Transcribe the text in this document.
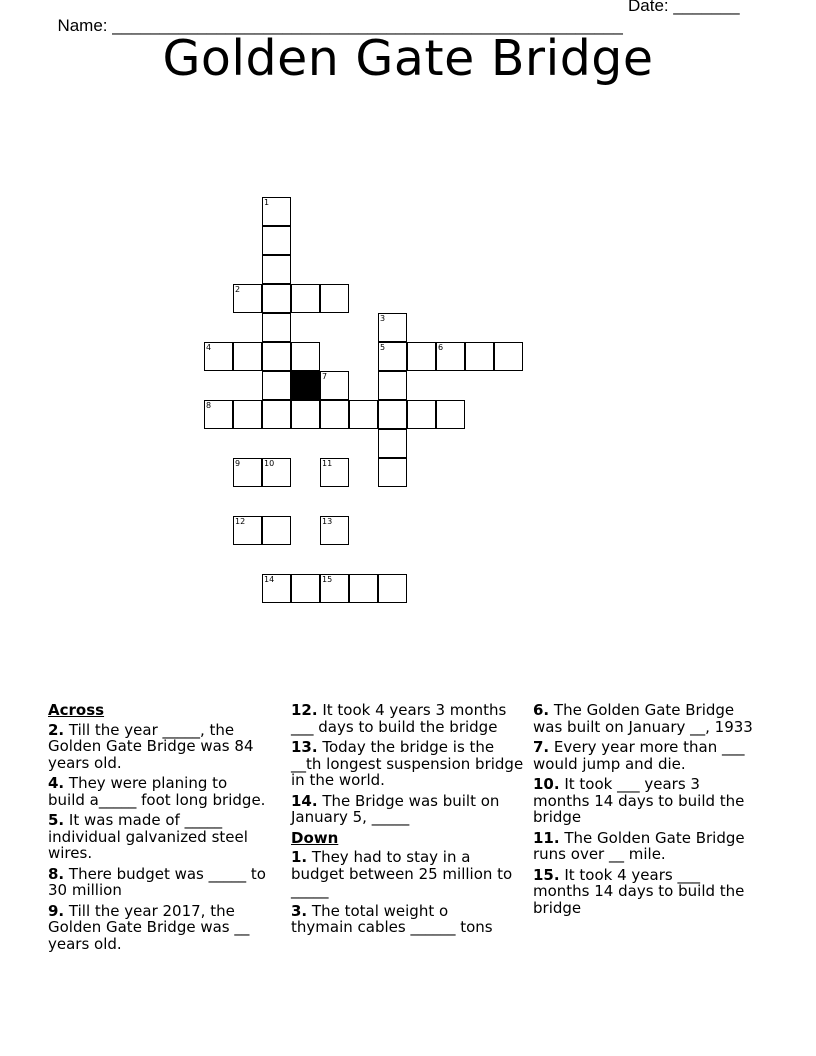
Name: ______________________________________________________

Date: _______

Golden Gate Bridge
1
2
3
4	5	6
7
8
9	10	11
12	13
14	15
Across
2. Till the year _____, the
Golden Gate Bridge was 84
years old.
4. They were planing to
build a_____ foot long bridge.
5. It was made of _____
individual galvanized steel
wires.
8. There budget was _____ to
30 million
9. Till the year 2017, the
Golden Gate Bridge was __
years old.
12. It took 4 years 3 months
___ days to build the bridge
13. Today the bridge is the
__th longest suspension bridge
in the world.
14. The Bridge was built on
January 5, _____
Down
1. They had to stay in a
budget between 25 million to
_____
3. The total weight o
thymain cables ______ tons
6. The Golden Gate Bridge
was built on January __, 1933
7. Every year more than ___
would jump and die.
10. It took ___ years 3
months 14 days to build the
bridge
11. The Golden Gate Bridge
runs over __ mile.
15. It took 4 years ___
months 14 days to build the
bridge
